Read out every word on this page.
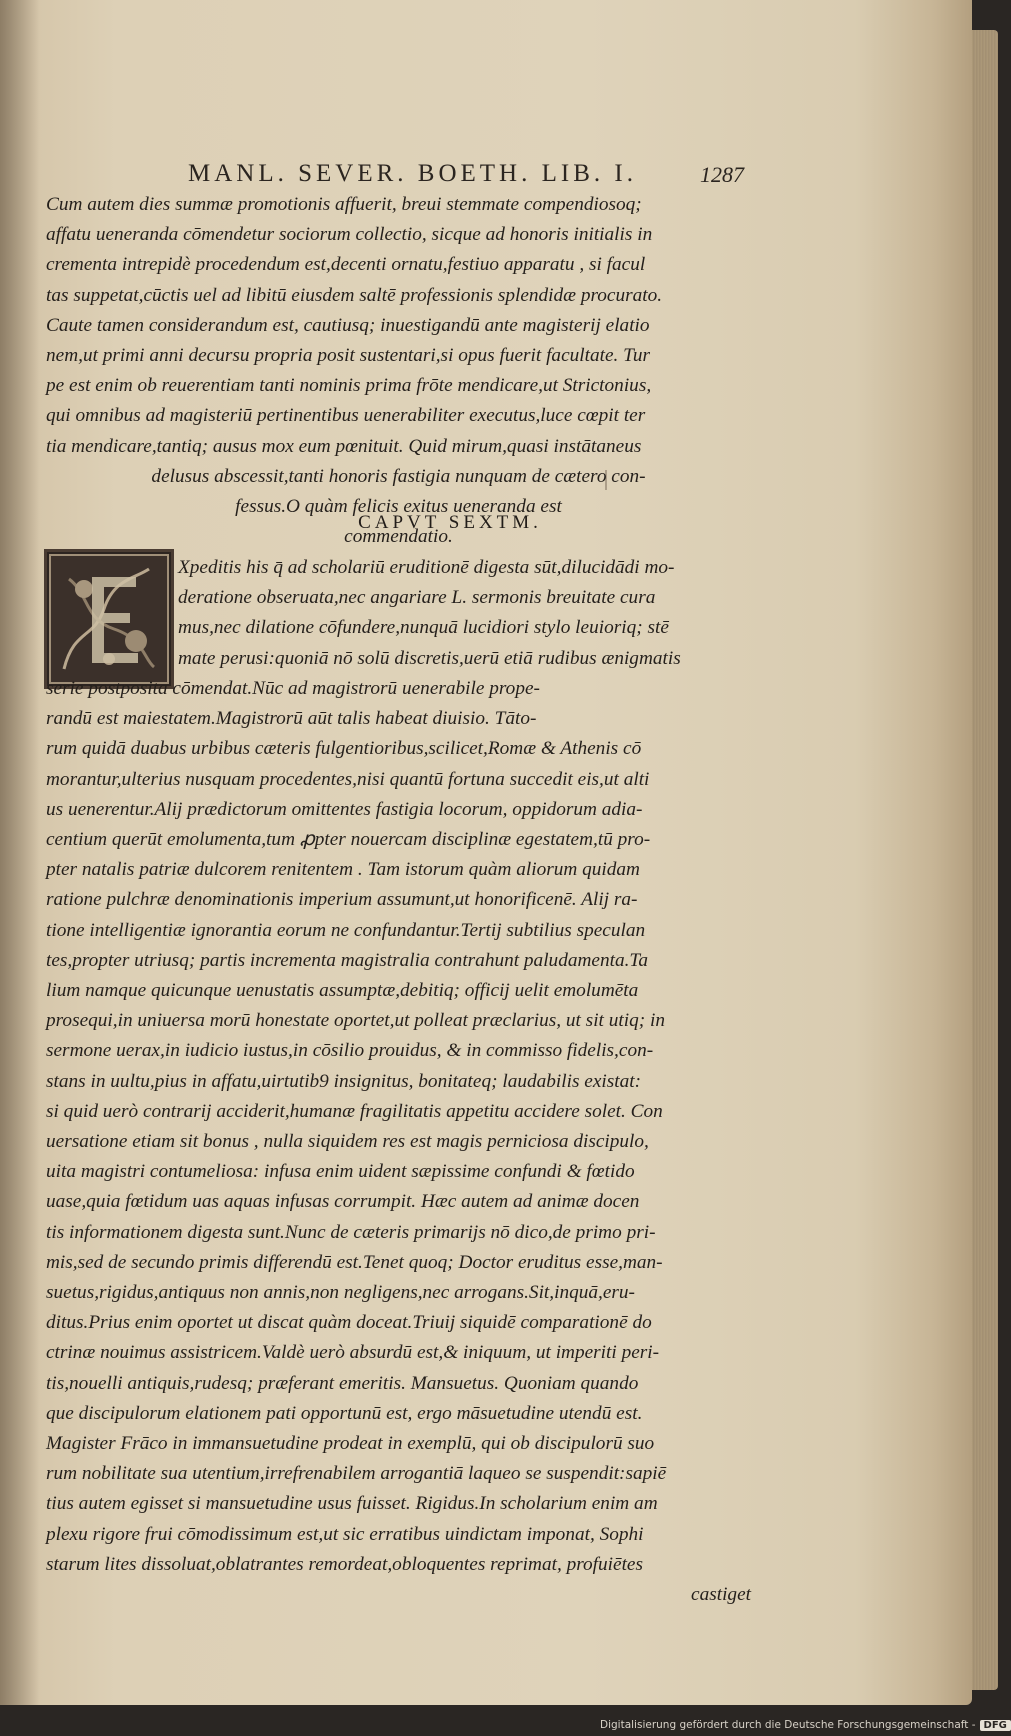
MANL. SEVER. BOETH. LIB. I.	1287
Cum autem dies summæ promotionis affuerit, breui stemmate compendiosoq;
affatu ueneranda cōmendetur sociorum collectio, sicque ad honoris initialis in
crementa intrepidè procedendum est,decenti ornatu,festiuo apparatu , si facul
tas suppetat,cūctis uel ad libitū eiusdem saltē professionis splendidæ procurato.
Caute tamen considerandum est, cautiusq; inuestigandū ante magisterij elatio
nem,ut primi anni decursu propria posit sustentari,si opus fuerit facultate. Tur
pe est enim ob reuerentiam tanti nominis prima frōte mendicare,ut Strictonius,
qui omnibus ad magisteriū pertinentibus uenerabiliter executus,luce cœpit ter
tia mendicare,tantiq; ausus mox eum pœnituit. Quid mirum,quasi instātaneus
delusus abscessit,tanti honoris fastigia nunquam de cætero con-
fessus.O quàm felicis exitus ueneranda est
commendatio.
CAPVT SEXTM.
Xpeditis his q̄ ad scholariū eruditionē digesta sūt,dilucidādi mo-
deratione obseruata,nec angariare L. sermonis breuitate cura
mus,nec dilatione cōfundere,nunquā lucidiori stylo leuioriq; stē
mate perusi:quoniā nō solū discretis,uerū etiā rudibus ænigmatis
serie postposita cōmendat.Nūc ad magistrorū uenerabile prope-
randū est maiestatem.Magistrorū aūt talis habeat diuisio. Tāto-
rum quidā duabus urbibus cæteris fulgentioribus,scilicet,Romæ & Athenis cō
morantur,ulterius nusquam procedentes,nisi quantū fortuna succedit eis,ut alti
us uenerentur.Alij prædictorum omittentes fastigia locorum, oppidorum adia-
centium querūt emolumenta,tum ꝓpter nouercam disciplinæ egestatem,tū pro-
pter natalis patriæ dulcorem renitentem . Tam istorum quàm aliorum quidam
ratione pulchræ denominationis imperium assumunt,ut honorificenē. Alij ra-
tione intelligentiæ ignorantia eorum ne confundantur.Tertij subtilius speculan
tes,propter utriusq; partis incrementa magistralia contrahunt paludamenta.Ta
lium namque quicunque uenustatis assumptæ,debitiq; officij uelit emolumēta
prosequi,in uniuersa morū honestate oportet,ut polleat præclarius, ut sit utiq; in
sermone uerax,in iudicio iustus,in cōsilio prouidus, & in commisso fidelis,con-
stans in uultu,pius in affatu,uirtutib9 insignitus, bonitateq; laudabilis existat:
si quid uerò contrarij acciderit,humanæ fragilitatis appetitu accidere solet. Con
uersatione etiam sit bonus , nulla siquidem res est magis perniciosa discipulo,
uita magistri contumeliosa: infusa enim uident sæpissime confundi & fœtido
uase,quia fœtidum uas aquas infusas corrumpit. Hæc autem ad animæ docen
tis informationem digesta sunt.Nunc de cæteris primarijs nō dico,de primo pri-
mis,sed de secundo primis differendū est.Tenet quoq; Doctor eruditus esse,man-
suetus,rigidus,antiquus non annis,non negligens,nec arrogans.Sit,inquā,eru-
ditus.Prius enim oportet ut discat quàm doceat.Triuij siquidē comparationē do
ctrinæ nouimus assistricem.Valdè uerò absurdū est,& iniquum, ut imperiti peri-
tis,nouelli antiquis,rudesq; præferant emeritis. Mansuetus. Quoniam quando
que discipulorum elationem pati opportunū est, ergo māsuetudine utendū est.
Magister Frāco in immansuetudine prodeat in exemplū, qui ob discipulorū suo
rum nobilitate sua utentium,irrefrenabilem arrogantiā laqueo se suspendit:sapiē
tius autem egisset si mansuetudine usus fuisset. Rigidus.In scholarium enim am
plexu rigore frui cōmodissimum est,ut sic erratibus uindictam imponat, Sophi
starum lites dissoluat,oblatrantes remordeat,obloquentes reprimat, profuiētes
castiget
Digitalisierung gefördert durch die Deutsche Forschungsgemeinschaft - DFG
